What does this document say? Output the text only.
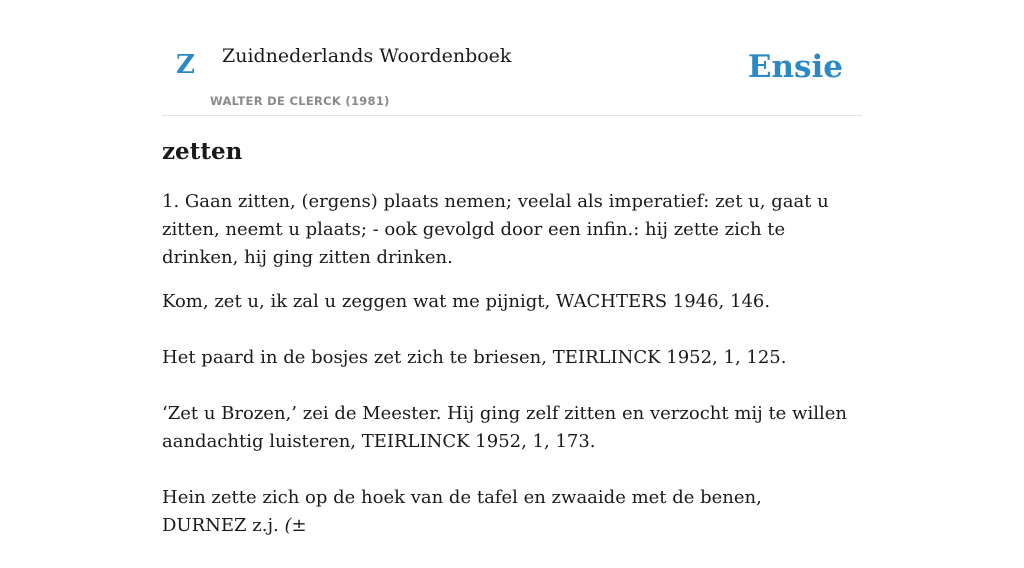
Z Zuidnederlands Woordenboek
WALTER DE CLERCK (1981)
Ensie
zetten

1. Gaan zitten, (ergens) plaats nemen; veelal als imperatief: zet u, gaat u zitten, neemt u plaats; - ook gevolgd door een infin.: hij zette zich te drinken, hij ging zitten drinken.

Kom, zet u, ik zal u zeggen wat me pijnigt, WACHTERS 1946, 146.

Het paard in de bosjes zet zich te briesen, TEIRLINCK 1952, 1, 125.

‘Zet u Brozen,’ zei de Meester. Hij ging zelf zitten en verzocht mij te willen aandachtig luisteren, TEIRLINCK 1952, 1, 173.

Hein zette zich op de hoek van de tafel en zwaaide met de benen, DURNEZ z.j. (±
